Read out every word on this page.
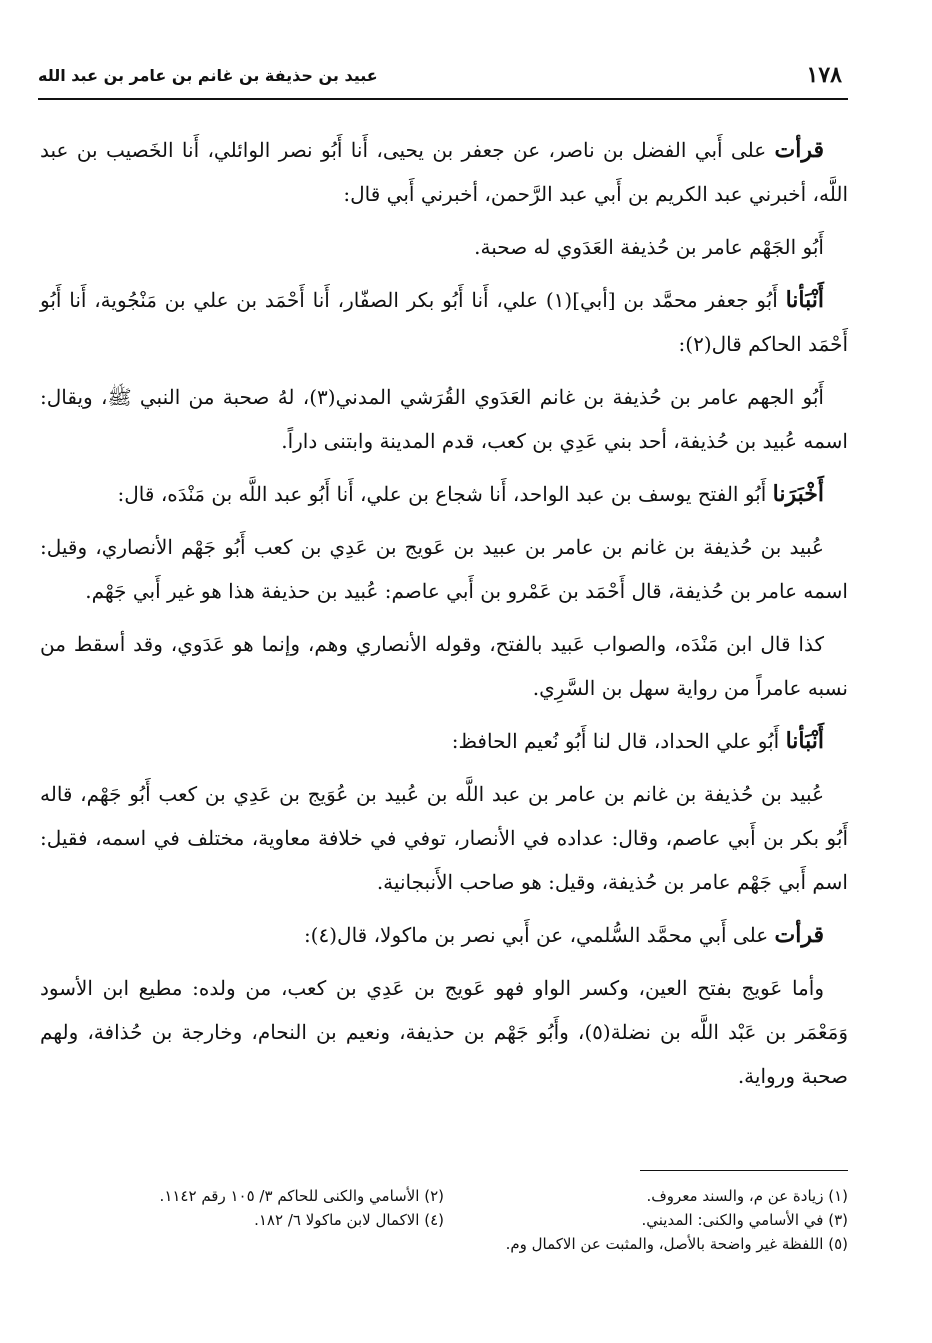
١٧٨
عبيد بن حذيفة بن غانم بن عامر بن عبد الله

قرأت على أَبي الفضل بن ناصر، عن جعفر بن يحيى، أَنا أَبُو نصر الوائلي، أَنا الخَصيب بن عبد اللَّه، أخبرني عبد الكريم بن أَبي عبد الرَّحمن، أخبرني أَبي قال:

أَبُو الجَهْم عامر بن حُذيفة العَدَوي له صحبة.

أَنْبَأنا أَبُو جعفر محمَّد بن [أبي](١) علي، أَنا أَبُو بكر الصفّار، أَنا أَحْمَد بن علي بن مَنْجُوية، أَنا أَبُو أَحْمَد الحاكم قال(٢):

أَبُو الجهم عامر بن حُذيفة بن غانم العَدَوي القُرَشي المدني(٣)، لهُ صحبة من النبي ﷺ، ويقال: اسمه عُبيد بن حُذيفة، أحد بني عَدِي بن كعب، قدم المدينة وابتنى داراً.

أَخْبَرَنا أَبُو الفتح يوسف بن عبد الواحد، أَنا شجاع بن علي، أَنا أَبُو عبد اللَّه بن مَنْدَه، قال:

عُبيد بن حُذيفة بن غانم بن عامر بن عبيد بن عَويج بن عَدِي بن كعب أَبُو جَهْم الأنصاري، وقيل: اسمه عامر بن حُذيفة، قال أَحْمَد بن عَمْرو بن أَبي عاصم: عُبيد بن حذيفة هذا هو غير أَبي جَهْم.

كذا قال ابن مَنْدَه، والصواب عَبيد بالفتح، وقوله الأنصاري وهم، وإنما هو عَدَوي، وقد أسقط من نسبه عامراً من رواية سهل بن السَّرِي.

أَنْبَأنا أَبُو علي الحداد، قال لنا أَبُو نُعيم الحافظ:

عُبيد بن حُذيفة بن غانم بن عامر بن عبد اللَّه بن عُبيد بن عُوَيج بن عَدِي بن كعب أَبُو جَهْم، قاله أَبُو بكر بن أَبي عاصم، وقال: عداده في الأنصار، توفي في خلافة معاوية، مختلف في اسمه، فقيل: اسم أَبي جَهْم عامر بن حُذيفة، وقيل: هو صاحب الأَنبجانية.

قرأت على أَبي محمَّد السُّلمي، عن أَبي نصر بن ماكولا، قال(٤):

وأما عَويج بفتح العين، وكسر الواو فهو عَويج بن عَدِي بن كعب، من ولده: مطيع ابن الأسود وَمَعْمَر بن عَبْد اللَّه بن نضلة(٥)، وأَبُو جَهْم بن حذيفة، ونعيم بن النحام، وخارجة بن حُذافة، ولهم صحبة ورواية.

(١) زيادة عن م، والسند معروف.
(٢) الأسامي والكنى للحاكم ٣/ ١٠٥ رقم ١١٤٢.
(٣) في الأسامي والكنى: المديني.
(٤) الاكمال لابن ماكولا ٦/ ١٨٢.
(٥) اللفظة غير واضحة بالأصل، والمثبت عن الاكمال وم.
